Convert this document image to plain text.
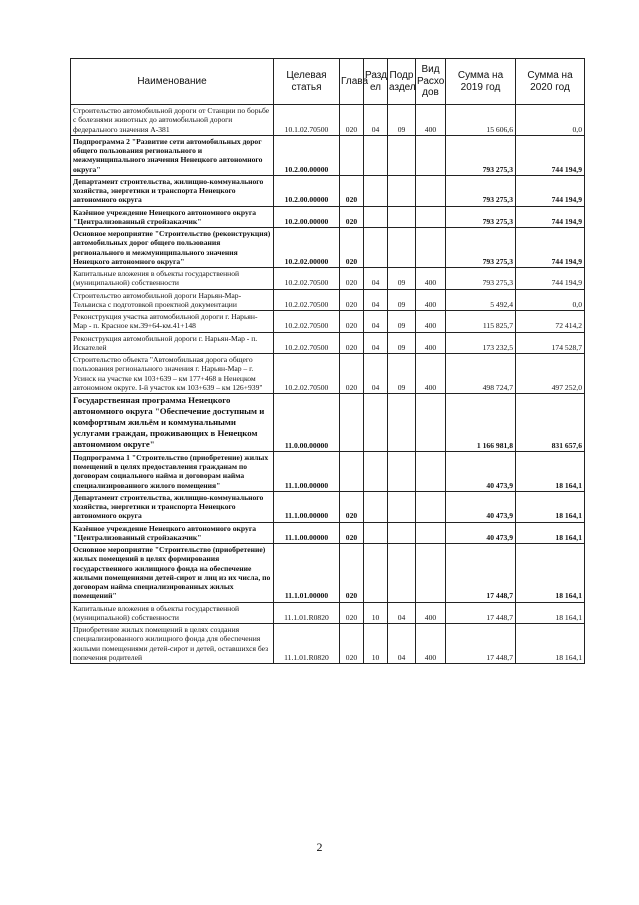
Наименование	Целевая статья	Глава	Разд ел	Подр аздел	Вид Расхо дов	Сумма на 2019 год	Сумма на 2020 год
Строительство автомобильной дороги от Станции по борьбе с болезнями животных до автомобильной дороги федерального значения А-381	10.1.02.70500	020	04	09	400	15 606,6	0,0
Подпрограмма 2 "Развитие сети автомобильных дорог общего пользования регионального и межмуниципального значения Ненецкого автономного округа"	10.2.00.00000					793 275,3	744 194,9
Департамент строительства, жилищно-коммунального хозяйства, энергетики и транспорта Ненецкого автономного округа	10.2.00.00000	020				793 275,3	744 194,9
Казённое учреждение Ненецкого автономного округа "Централизованный стройзаказчик"	10.2.00.00000	020				793 275,3	744 194,9
Основное мероприятие "Строительство (реконструкция) автомобильных дорог общего пользования регионального и межмуниципального значения Ненецкого автономного округа"	10.2.02.00000	020				793 275,3	744 194,9
Капитальные вложения в объекты государственной (муниципальной) собственности	10.2.02.70500	020	04	09	400	793 275,3	744 194,9
Строительство автомобильной дороги Нарьян-Мар-Тельвиска с подготовкой проектной документации	10.2.02.70500	020	04	09	400	5 492,4	0,0
Реконструкция участка автомобильной дороги г. Нарьян-Мар - п. Красное км.39+64-км.41+148	10.2.02.70500	020	04	09	400	115 825,7	72 414,2
Реконструкция автомобильной дороги г. Нарьян-Мар - п. Искателей	10.2.02.70500	020	04	09	400	173 232,5	174 528,7
Строительство объекта "Автомобильная дорога общего пользования регионального значения г. Нарьян-Мар – г. Усинск на участке км 103+639 – км 177+468 в Ненецком автономном округе. I-й участок км 103+639 – км 126+939"	10.2.02.70500	020	04	09	400	498 724,7	497 252,0
Государственная программа Ненецкого автономного округа "Обеспечение доступным и комфортным жильём и коммунальными услугами граждан, проживающих в Ненецком автономном округе"	11.0.00.00000					1 166 981,8	831 657,6
Подпрограмма 1 "Строительство (приобретение) жилых помещений в целях предоставления гражданам по договорам социального найма и договорам найма специализированного жилого помещения"	11.1.00.00000					40 473,9	18 164,1
Департамент строительства, жилищно-коммунального хозяйства, энергетики и транспорта Ненецкого автономного округа	11.1.00.00000	020				40 473,9	18 164,1
Казённое учреждение Ненецкого автономного округа "Централизованный стройзаказчик"	11.1.00.00000	020				40 473,9	18 164,1
Основное мероприятие "Строительство (приобретение) жилых помещений в целях формирования государственного жилищного фонда на обеспечение жилыми помещениями детей-сирот и лиц из их числа, по договорам найма специализированных жилых помещений"	11.1.01.00000	020				17 448,7	18 164,1
Капитальные вложения в объекты государственной (муниципальной) собственности	11.1.01.R0820	020	10	04	400	17 448,7	18 164,1
Приобретение жилых помещений в целях создания специализированного жилищного фонда для обеспечения жилыми помещениями детей-сирот и детей, оставшихся без попечения родителей	11.1.01.R0820	020	10	04	400	17 448,7	18 164,1
2
